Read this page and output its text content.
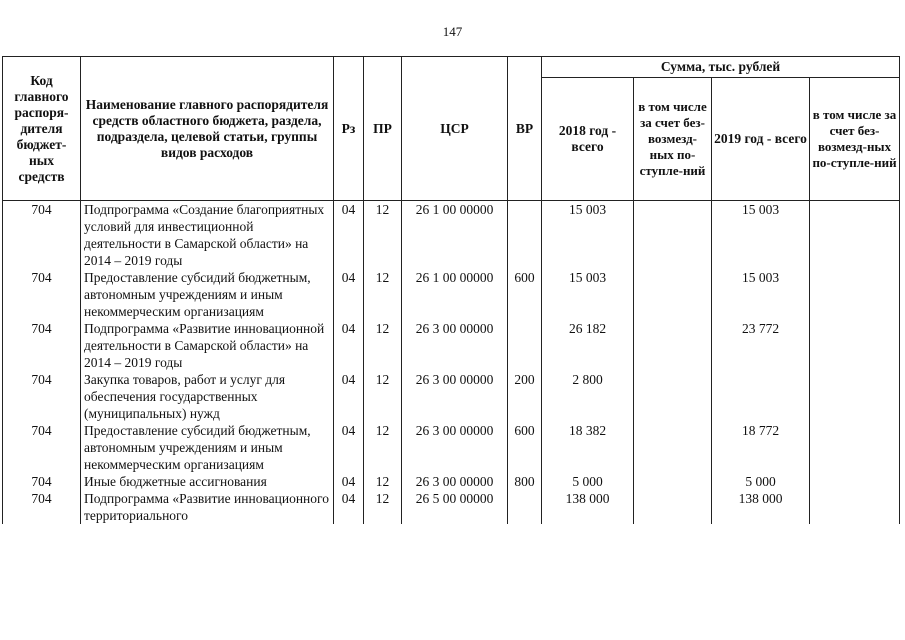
147
Код главного распоря-дителя бюджет-ных средств	Наименование главного распорядителя средств областного бюджета, раздела, подраздела, целевой статьи, группы видов расходов	Рз	ПР	ЦСР	ВР	Сумма, тыс. рублей			
						2018 год - всего	в том числе за счет без-возмезд-ных по-ступле-ний	2019 год - всего	в том числе за счет без-возмезд-ных по-ступле-ний
704	Подпрограмма «Создание благоприятных условий для инвестиционной деятельности в Самарской области» на 2014 – 2019 годы	04	12	26 1 00 00000		15 003		15 003	
704	Предоставление субсидий бюджетным, автономным учреждениям и иным некоммерческим организациям	04	12	26 1 00 00000	600	15 003		15 003	
704	Подпрограмма «Развитие инновационной деятельности в Самарской области» на 2014 – 2019 годы	04	12	26 3 00 00000		26 182		23 772	
704	Закупка товаров, работ и услуг для обеспечения государственных (муниципальных) нужд	04	12	26 3 00 00000	200	2 800			
704	Предоставление субсидий бюджетным, автономным учреждениям и иным некоммерческим организациям	04	12	26 3 00 00000	600	18 382		18 772	
704	Иные бюджетные ассигнования	04	12	26 3 00 00000	800	5 000		5 000	
704	Подпрограмма «Развитие инновационного территориального	04	12	26 5 00 00000		138 000		138 000	
